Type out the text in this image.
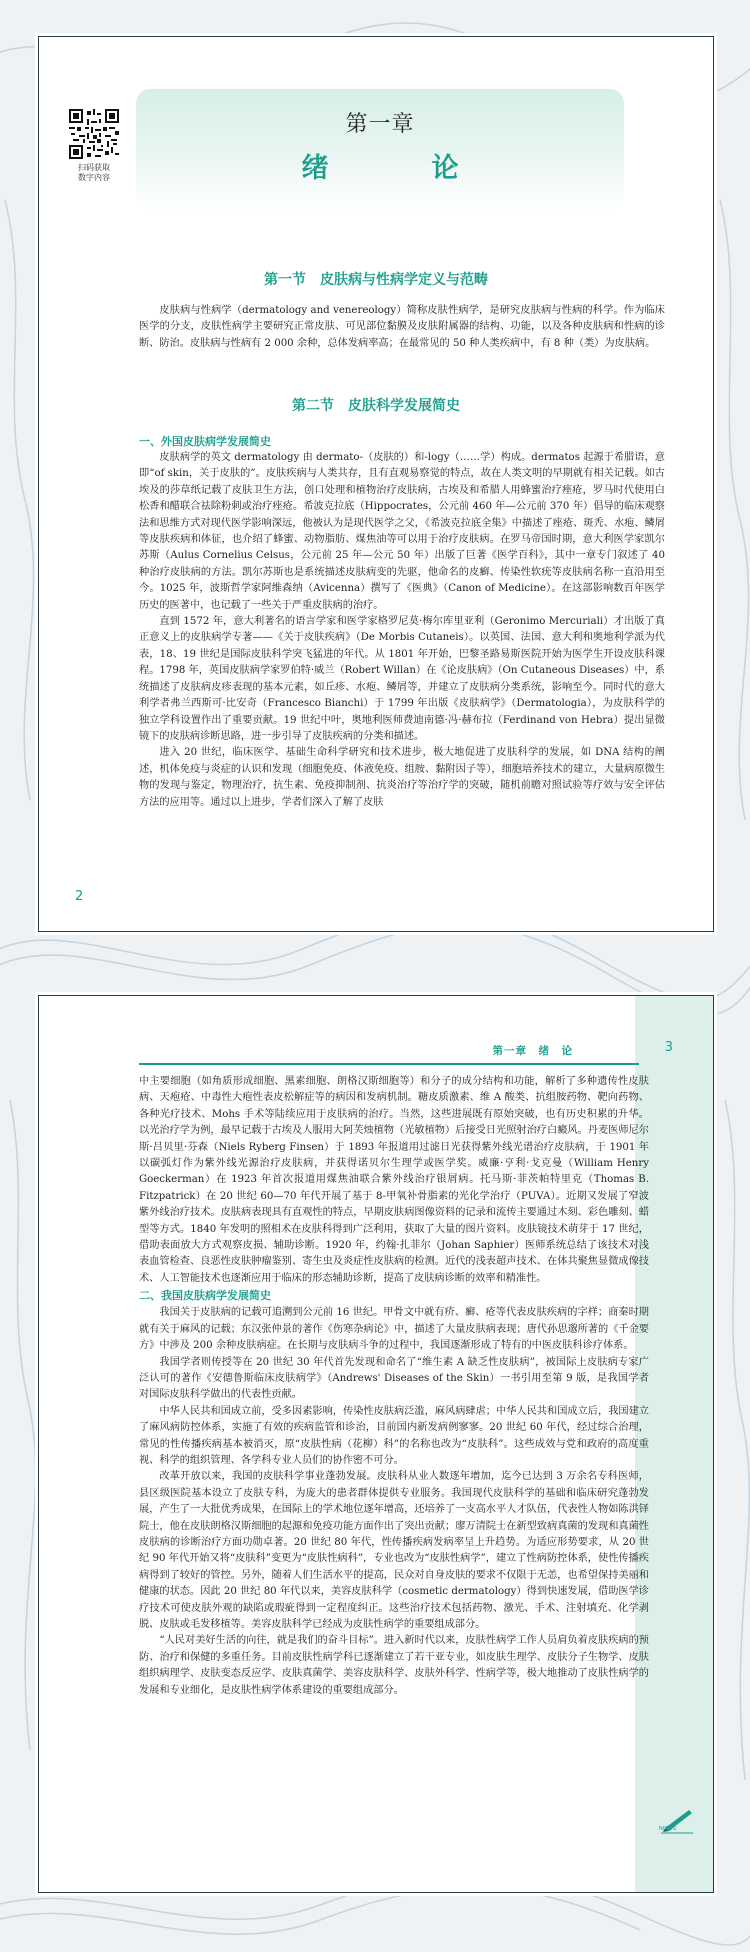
扫码获取
数字内容
第一章
绪　论
第一节　皮肤病与性病学定义与范畴

皮肤病与性病学（dermatology and venereology）简称皮肤性病学，是研究皮肤病与性病的科学。作为临床医学的分支，皮肤性病学主要研究正常皮肤、可见部位黏膜及皮肤附属器的结构、功能，以及各种皮肤病和性病的诊断、防治。皮肤病与性病有 2 000 余种，总体发病率高；在最常见的 50 种人类疾病中，有 8 种（类）为皮肤病。

第二节　皮肤科学发展简史
一、外国皮肤病学发展简史

皮肤病学的英文 dermatology 由 dermato-（皮肤的）和-logy（……学）构成。dermatos 起源于希腊语，意即“of skin，关于皮肤的”。皮肤疾病与人类共存，且有直观易察觉的特点，故在人类文明的早期就有相关记载。如古埃及的莎草纸记载了皮肤卫生方法，创口处理和植物治疗皮肤病，古埃及和希腊人用蜂蜜治疗痤疮，罗马时代使用白松香和醋联合祛除粉刺或治疗痤疮。希波克拉底（Hippocrates，公元前 460 年—公元前 370 年）倡导的临床观察法和思维方式对现代医学影响深远，他被认为是现代医学之父，《希波克拉底全集》中描述了痤疮、斑秃、水疱、鳞屑等皮肤疾病和体征，也介绍了蜂蜜、动物脂肪、煤焦油等可以用于治疗皮肤病。在罗马帝国时期，意大利医学家凯尔苏斯（Aulus Cornelius Celsus，公元前 25 年—公元 50 年）出版了巨著《医学百科》，其中一章专门叙述了 40 种治疗皮肤病的方法。凯尔苏斯也是系统描述皮肤病变的先驱，他命名的皮癣、传染性软疣等皮肤病名称一直沿用至今。1025 年，波斯哲学家阿维森纳（Avicenna）撰写了《医典》（Canon of Medicine）。在这部影响数百年医学历史的医著中，也记载了一些关于严重皮肤病的治疗。

直到 1572 年，意大利著名的语言学家和医学家格罗尼莫·梅尔库里亚利（Geronimo Mercuriali）才出版了真正意义上的皮肤病学专著——《关于皮肤疾病》（De Morbis Cutaneis）。以英国、法国、意大利和奥地利学派为代表，18、19 世纪是国际皮肤科学突飞猛进的年代。从 1801 年开始，巴黎圣路易斯医院开始为医学生开设皮肤科课程。1798 年，英国皮肤病学家罗伯特·威兰（Robert Willan）在《论皮肤病》（On Cutaneous Diseases）中，系统描述了皮肤病皮疹表现的基本元素，如丘疹、水疱、鳞屑等，并建立了皮肤病分类系统，影响至今。同时代的意大利学者弗兰西斯可·比安奇（Francesco Bianchi）于 1799 年出版《皮肤病学》（Dermatologia），为皮肤科学的独立学科设置作出了重要贡献。19 世纪中叶，奥地利医师费迪南德·冯·赫布拉（Ferdinand von Hebra）提出显微镜下的皮肤病诊断思路，进一步引导了皮肤疾病的分类和描述。

进入 20 世纪，临床医学、基础生命科学研究和技术进步，极大地促进了皮肤科学的发展，如 DNA 结构的阐述，机体免疫与炎症的认识和发现（细胞免疫、体液免疫、组胺、黏附因子等），细胞培养技术的建立，大量病原微生物的发现与鉴定，物理治疗，抗生素、免疫抑制剂、抗炎治疗等治疗学的突破，随机前瞻对照试验等疗效与安全评估方法的应用等。通过以上进步，学者们深入了解了皮肤

2
第一章　绪　论	3

中主要细胞（如角质形成细胞、黑素细胞、朗格汉斯细胞等）和分子的成分结构和功能，解析了多种遗传性皮肤病、天疱疮、中毒性大疱性表皮松解症等的病因和发病机制。糖皮质激素、维 A 酸类、抗组胺药物、靶向药物、各种光疗技术、Mohs 手术等陆续应用于皮肤病的治疗。当然，这些进展既有原始突破，也有历史积累的升华。以光治疗学为例，最早记载于古埃及人服用大阿芙烛植物（光敏植物）后接受日光照射治疗白癜风。丹麦医师尼尔斯·吕贝里·芬森（Niels Ryberg Finsen）于 1893 年报道用过滤日光获得紫外线光谱治疗皮肤病，于 1901 年以碳弧灯作为紫外线光源治疗皮肤病，并获得诺贝尔生理学或医学奖。威廉·亨利·戈克曼（William Henry Goeckerman）在 1923 年首次报道用煤焦油联合紫外线治疗银屑病。托马斯·菲茨帕特里克（Thomas B. Fitzpatrick）在 20 世纪 60—70 年代开展了基于 8-甲氧补骨脂素的光化学治疗（PUVA）。近期又发展了窄波紫外线治疗技术。皮肤病表现具有直观性的特点，早期皮肤病图像资料的记录和流传主要通过木刻、彩色雕刻、蜡型等方式。1840 年发明的照相术在皮肤科得到广泛利用，获取了大量的图片资料。皮肤镜技术萌芽于 17 世纪，借助表面放大方式观察皮损、辅助诊断。1920 年，约翰·扎菲尔（Johan Saphier）医师系统总结了该技术对浅表血管检查、良恶性皮肤肿瘤鉴别、寄生虫及炎症性皮肤病的检测。近代的浅表超声技术、在体共聚焦显微成像技术、人工智能技术也逐渐应用于临床的形态辅助诊断，提高了皮肤病诊断的效率和精准性。

二、我国皮肤病学发展简史

我国关于皮肤病的记载可追溯到公元前 16 世纪。甲骨文中就有疥、癣、疮等代表皮肤疾病的字样；商秦时期就有关于麻风的记载；东汉张仲景的著作《伤寒杂病论》中，描述了大量皮肤病表现；唐代孙思邈所著的《千金要方》中涉及 200 余种皮肤病症。在长期与皮肤病斗争的过程中，我国逐渐形成了特有的中医皮肤科诊疗体系。

我国学者则传授等在 20 世纪 30 年代首先发现和命名了“维生素 A 缺乏性皮肤病”，被国际上皮肤病专家广泛认可的著作《安德鲁斯临床皮肤病学》（Andrews' Diseases of the Skin）一书引用至第 9 版，是我国学者对国际皮肤科学做出的代表性贡献。

中华人民共和国成立前，受多因素影响，传染性皮肤病泛滥，麻风病肆虐；中华人民共和国成立后，我国建立了麻风病防控体系，实施了有效的疾病监管和诊治，目前国内新发病例寥寥。20 世纪 60 年代，经过综合治理，常见的性传播疾病基本被消灭，原“皮肤性病（花柳）科”的名称也改为“皮肤科”。这些成效与党和政府的高度重视、科学的组织管理、各学科专业人员们的协作密不可分。

改革开放以来，我国的皮肤科学事业蓬勃发展。皮肤科从业人数逐年增加，迄今已达到 3 万余名专科医师，县区级医院基本设立了皮肤专科，为庞大的患者群体提供专业服务。我国现代皮肤科学的基础和临床研究蓬勃发展，产生了一大批优秀成果，在国际上的学术地位逐年增高，还培养了一支高水平人才队伍，代表性人物如陈洪铎院士，他在皮肤朗格汉斯细胞的起源和免疫功能方面作出了突出贡献；廖万清院士在新型致病真菌的发现和真菌性皮肤病的诊断治疗方面功勋卓著。20 世纪 80 年代，性传播疾病发病率呈上升趋势。为适应形势要求，从 20 世纪 90 年代开始又将“皮肤科”变更为“皮肤性病科”，专业也改为“皮肤性病学”，建立了性病防控体系，使性传播疾病得到了较好的管控。另外，随着人们生活水平的提高，民众对自身皮肤的要求不仅限于无恙，也希望保持美丽和健康的状态。因此 20 世纪 80 年代以来，美容皮肤科学（cosmetic dermatology）得到快速发展，借助医学诊疗技术可使皮肤外观的缺陷或瑕疵得到一定程度纠正。这些治疗技术包括药物、激光、手术、注射填充、化学剥脱、皮肤或毛发移植等。美容皮肤科学已经成为皮肤性病学的重要组成部分。

“人民对美好生活的向往，就是我们的奋斗目标”。进入新时代以来，皮肤性病学工作人员肩负着皮肤疾病的预防、治疗和保健的多重任务。目前皮肤性病学科已逐渐建立了若干亚专业，如皮肤生理学、皮肤分子生物学、皮肤组织病理学、皮肤变态反应学、皮肤真菌学、美容皮肤科学、皮肤外科学、性病学等，极大地推动了皮肤性病学的发展和专业细化，是皮肤性病学体系建设的重要组成部分。

NOTES
